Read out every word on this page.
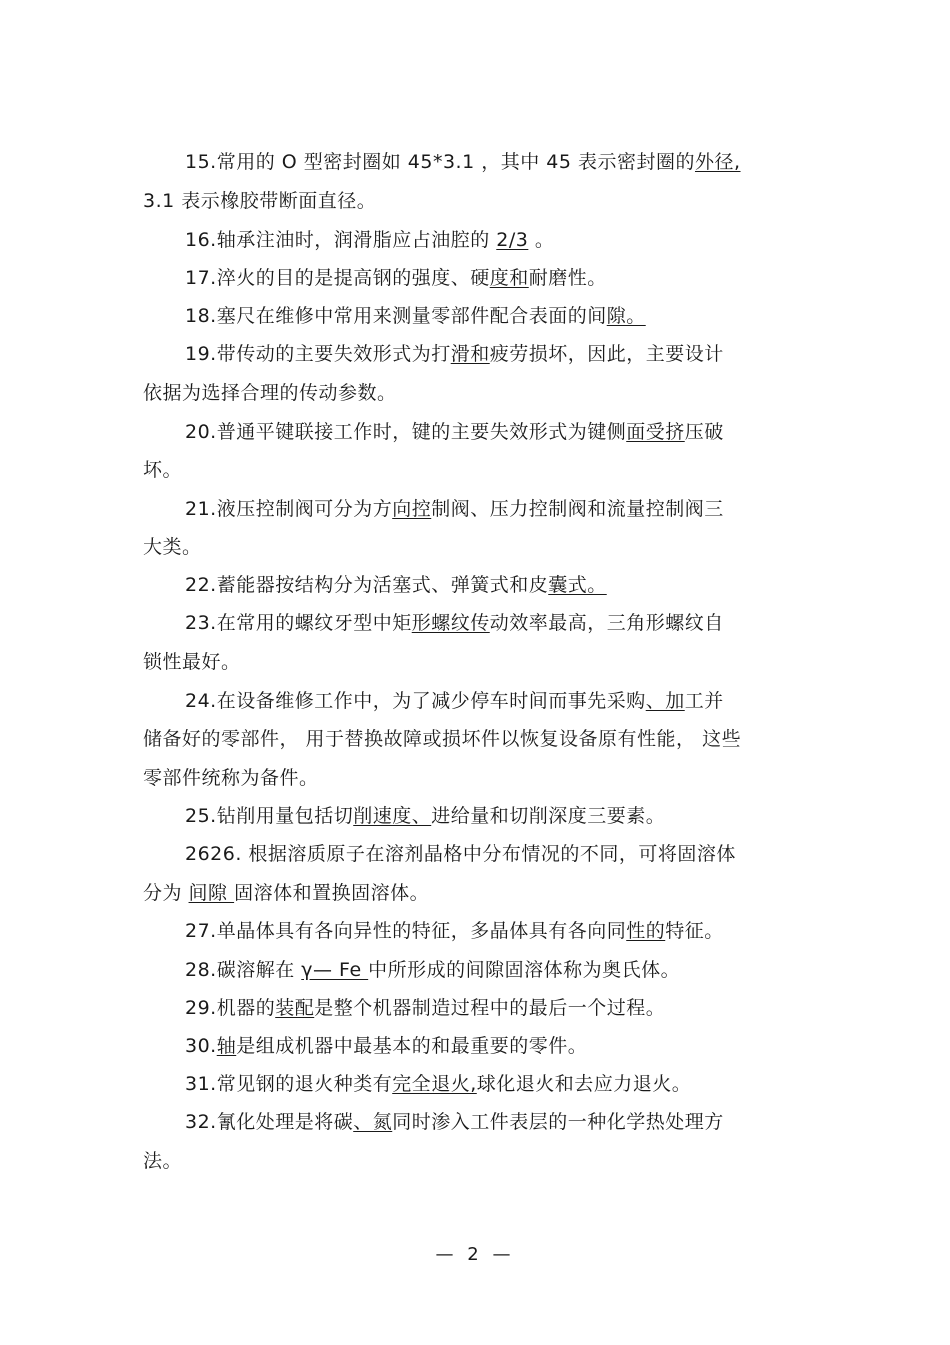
15.常用的 O 型密封圈如 45*3.1 ，其中 45 表示密封圈的外径,
3.1 表示橡胶带断面直径。
16.轴承注油时，润滑脂应占油腔的 2/3 。
17.淬火的目的是提高钢的强度、硬度和耐磨性。
18.塞尺在维修中常用来测量零部件配合表面的间隙。
19.带传动的主要失效形式为打滑和疲劳损坏，因此，主要设计
依据为选择合理的传动参数。
20.普通平键联接工作时，键的主要失效形式为键侧面受挤压破
坏。
21.液压控制阀可分为方向控制阀、压力控制阀和流量控制阀三
大类。
22.蓄能器按结构分为活塞式、弹簧式和皮囊式。
23.在常用的螺纹牙型中矩形螺纹传动效率最高，三角形螺纹自
锁性最好。
24.在设备维修工作中，为了减少停车时间而事先采购、加工并
储备好的零部件， 用于替换故障或损坏件以恢复设备原有性能， 这些
零部件统称为备件。
25.钻削用量包括切削速度、进给量和切削深度三要素。
2626. 根据溶质原子在溶剂晶格中分布情况的不同，可将固溶体
分为 间隙 固溶体和置换固溶体。
27.单晶体具有各向异性的特征，多晶体具有各向同性的特征。
28.碳溶解在 γ— Fe 中所形成的间隙固溶体称为奥氏体。
29.机器的装配是整个机器制造过程中的最后一个过程。
30.轴是组成机器中最基本的和最重要的零件。
31.常见钢的退火种类有完全退火,球化退火和去应力退火。
32.氰化处理是将碳、氮同时渗入工件表层的一种化学热处理方
法。
— 2 —
